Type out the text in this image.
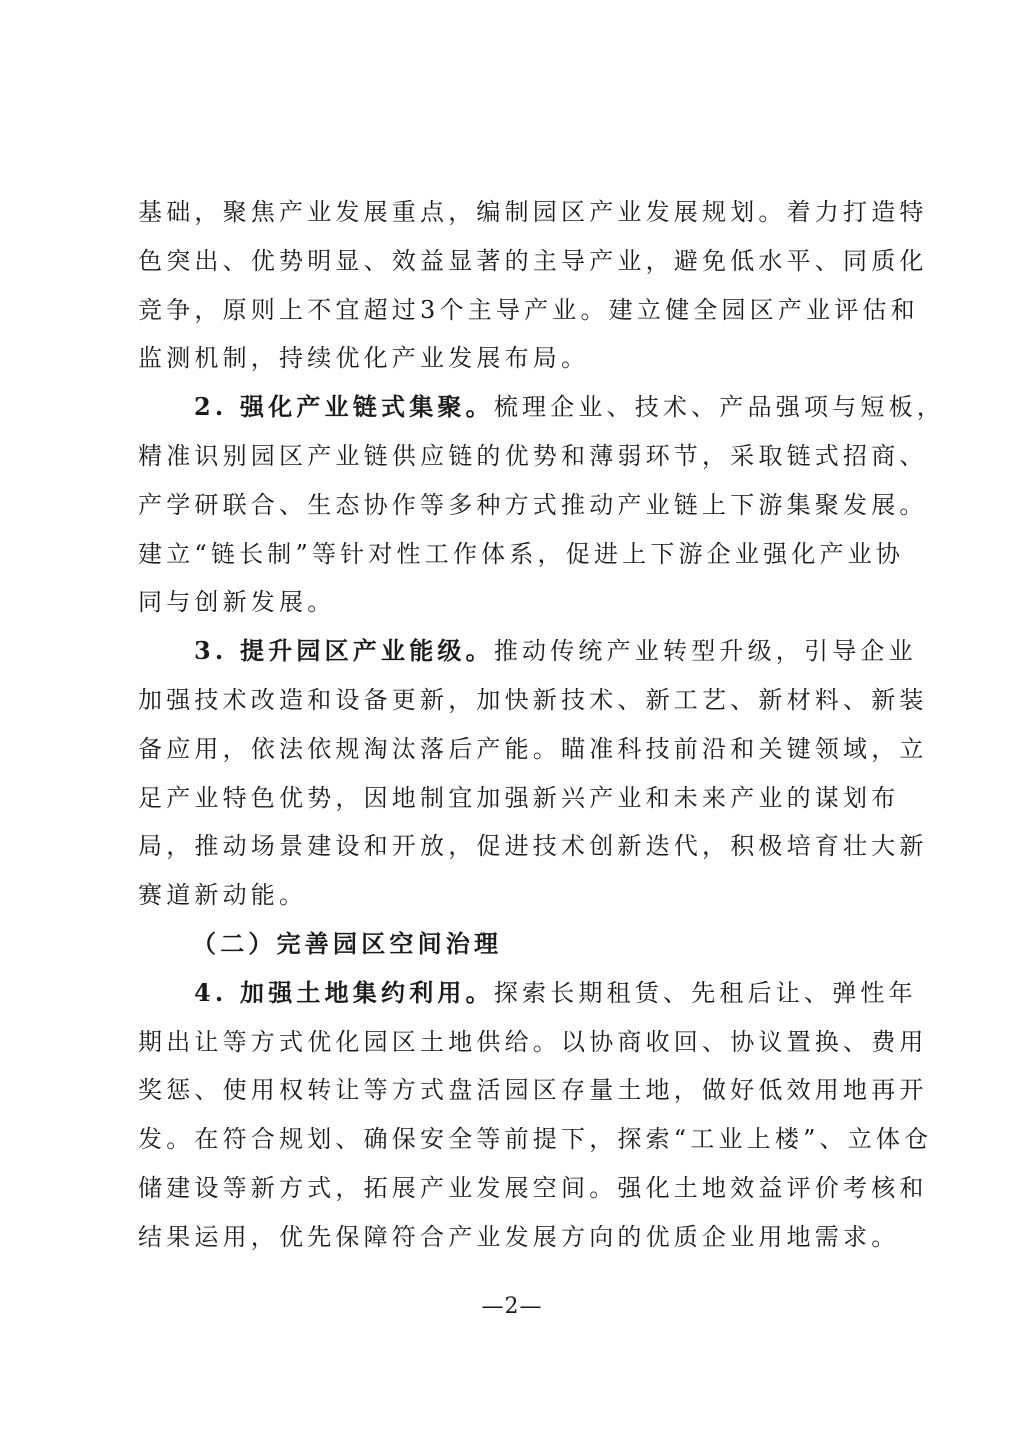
基础，聚焦产业发展重点，编制园区产业发展规划。着力打造特
色突出、优势明显、效益显著的主导产业，避免低水平、同质化
竞争，原则上不宜超过3个主导产业。建立健全园区产业评估和
监测机制，持续优化产业发展布局。
2. 强化产业链式集聚。梳理企业、技术、产品强项与短板，
精准识别园区产业链供应链的优势和薄弱环节，采取链式招商、
产学研联合、生态协作等多种方式推动产业链上下游集聚发展。
建立“链长制”等针对性工作体系，促进上下游企业强化产业协
同与创新发展。
3. 提升园区产业能级。推动传统产业转型升级，引导企业
加强技术改造和设备更新，加快新技术、新工艺、新材料、新装
备应用，依法依规淘汰落后产能。瞄准科技前沿和关键领域，立
足产业特色优势，因地制宜加强新兴产业和未来产业的谋划布
局，推动场景建设和开放，促进技术创新迭代，积极培育壮大新
赛道新动能。
（二）完善园区空间治理
4. 加强土地集约利用。探索长期租赁、先租后让、弹性年
期出让等方式优化园区土地供给。以协商收回、协议置换、费用
奖惩、使用权转让等方式盘活园区存量土地，做好低效用地再开
发。在符合规划、确保安全等前提下，探索“工业上楼”、立体仓
储建设等新方式，拓展产业发展空间。强化土地效益评价考核和
结果运用，优先保障符合产业发展方向的优质企业用地需求。
—2—
